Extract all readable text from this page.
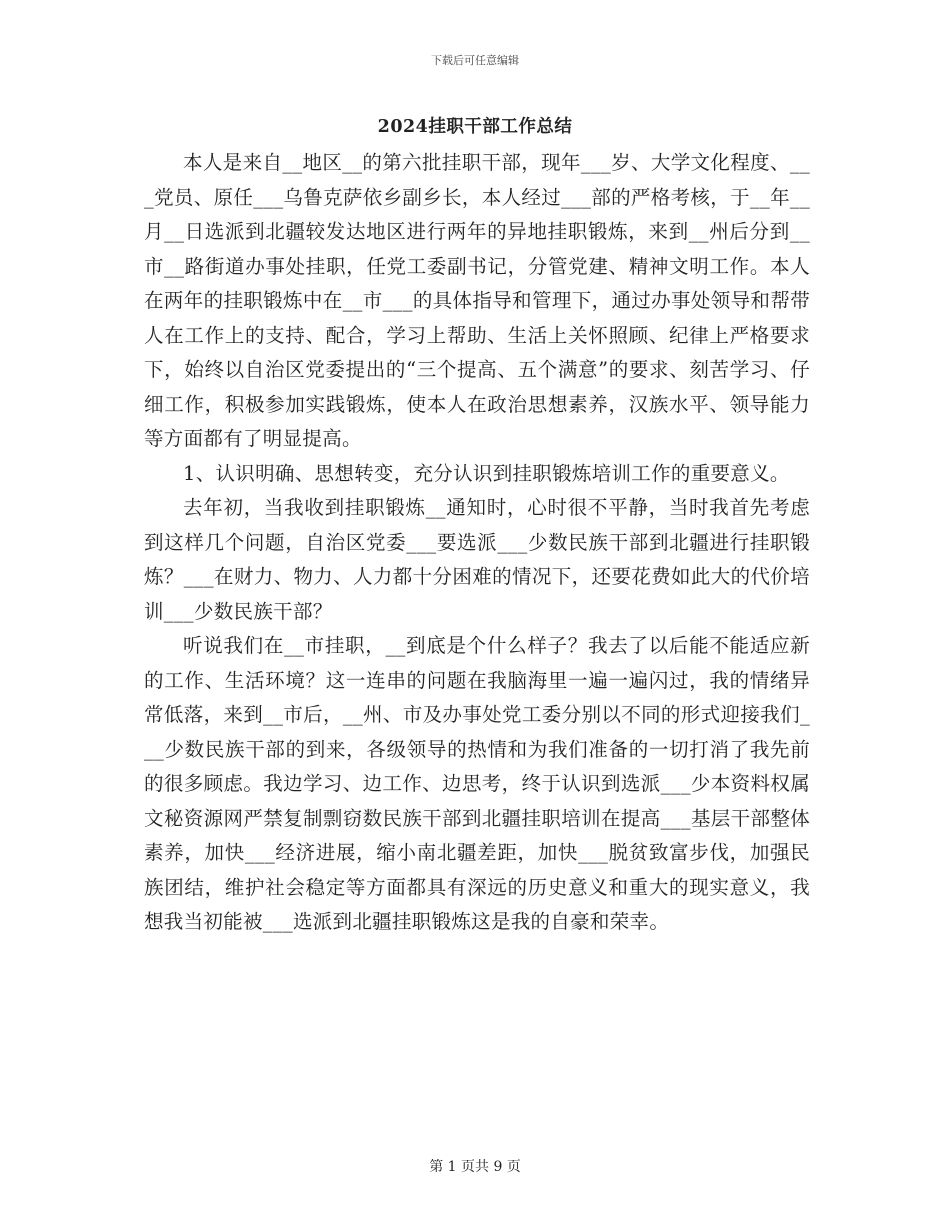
下载后可任意编辑
2024挂职干部工作总结

本人是来自__地区__的第六批挂职干部，现年___岁、大学文化程度、___党员、原任___乌鲁克萨依乡副乡长，本人经过___部的严格考核，于__年__月__日选派到北疆较发达地区进行两年的异地挂职锻炼，来到__州后分到__市__路街道办事处挂职，任党工委副书记，分管党建、精神文明工作。本人在两年的挂职锻炼中在__市___的具体指导和管理下，通过办事处领导和帮带人在工作上的支持、配合，学习上帮助、生活上关怀照顾、纪律上严格要求下，始终以自治区党委提出的“三个提高、五个满意”的要求、刻苦学习、仔细工作，积极参加实践锻炼，使本人在政治思想素养，汉族水平、领导能力等方面都有了明显提高。

1、认识明确、思想转变，充分认识到挂职锻炼培训工作的重要意义。

去年初，当我收到挂职锻炼__通知时，心时很不平静，当时我首先考虑到这样几个问题，自治区党委___要选派___少数民族干部到北疆进行挂职锻炼？___在财力、物力、人力都十分困难的情况下，还要花费如此大的代价培训___少数民族干部？

听说我们在__市挂职，__到底是个什么样子？我去了以后能不能适应新的工作、生活环境？这一连串的问题在我脑海里一遍一遍闪过，我的情绪异常低落，来到__市后，__州、市及办事处党工委分别以不同的形式迎接我们___少数民族干部的到来，各级领导的热情和为我们准备的一切打消了我先前的很多顾虑。我边学习、边工作、边思考，终于认识到选派___少本资料权属文秘资源网严禁复制剽窃数民族干部到北疆挂职培训在提高___基层干部整体素养，加快___经济进展，缩小南北疆差距，加快___脱贫致富步伐，加强民族团结，维护社会稳定等方面都具有深远的历史意义和重大的现实意义，我想我当初能被___选派到北疆挂职锻炼这是我的自豪和荣幸。

第 1 页共 9 页
